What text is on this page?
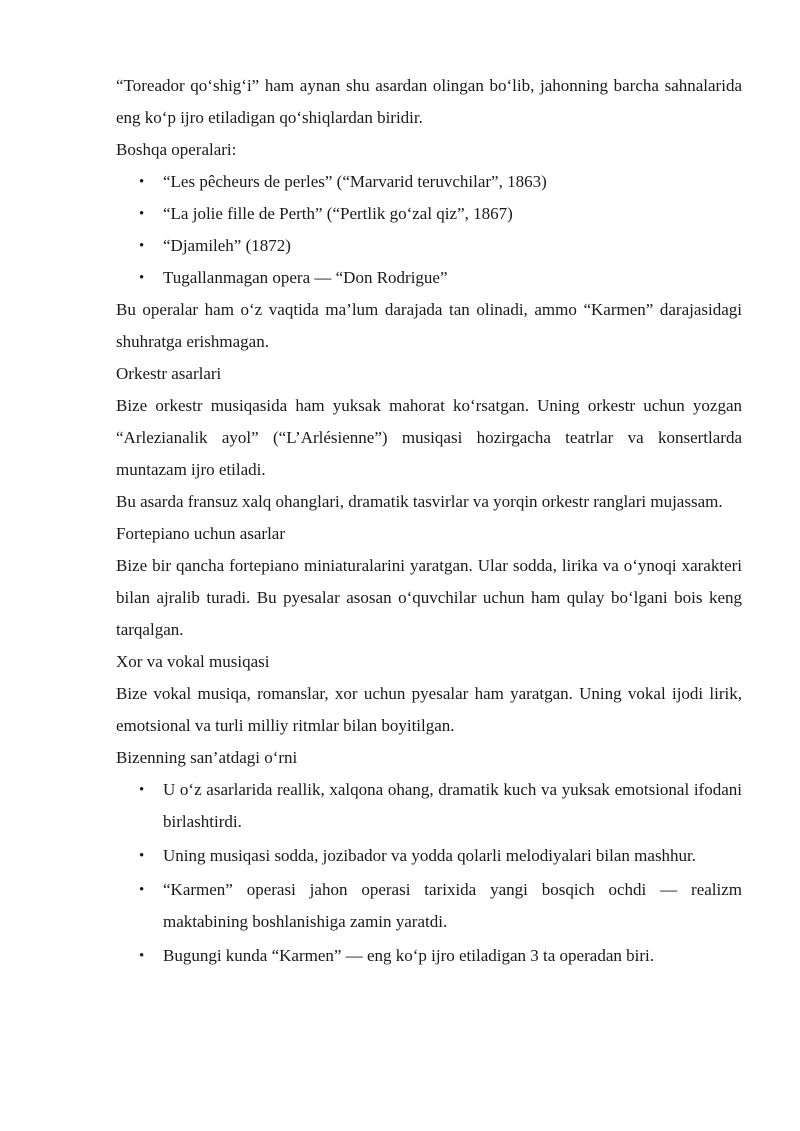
“Toreador qo‘shig‘i” ham aynan shu asardan olingan bo‘lib, jahonning barcha sahnalarida eng ko‘p ijro etiladigan qo‘shiqlardan biridir.

Boshqa operalari:
• “Les pêcheurs de perles” (“Marvarid teruvchilar”, 1863)
• “La jolie fille de Perth” (“Pertlik go‘zal qiz”, 1867)
• “Djamileh” (1872)
• Tugallanmagan opera — “Don Rodrigue”

Bu operalar ham o‘z vaqtida ma’lum darajada tan olinadi, ammo “Karmen” darajasidagi shuhratga erishmagan.

Orkestr asarlari

Bize orkestr musiqasida ham yuksak mahorat ko‘rsatgan. Uning orkestr uchun yozgan “Arlezianalik ayol” (“L’Arlésienne”) musiqasi hozirgacha teatrlar va konsertlarda muntazam ijro etiladi.

Bu asarda fransuz xalq ohanglari, dramatik tasvirlar va yorqin orkestr ranglari mujassam.

Fortepiano uchun asarlar

Bize bir qancha fortepiano miniaturalarini yaratgan. Ular sodda, lirika va o‘ynoqi xarakteri bilan ajralib turadi. Bu pyesalar asosan o‘quvchilar uchun ham qulay bo‘lgani bois keng tarqalgan.

Xor va vokal musiqasi

Bize vokal musiqa, romanslar, xor uchun pyesalar ham yaratgan. Uning vokal ijodi lirik, emotsional va turli milliy ritmlar bilan boyitilgan.

Bizenning san’atdagi o‘rni
• U o‘z asarlarida reallik, xalqona ohang, dramatik kuch va yuksak emotsional ifodani birlashtirdi.
• Uning musiqasi sodda, jozibador va yodda qolarli melodiyalari bilan mashhur.
• “Karmen” operasi jahon operasi tarixida yangi bosqich ochdi — realizm maktabining boshlanishiga zamin yaratdi.
• Bugungi kunda “Karmen” — eng ko‘p ijro etiladigan 3 ta operadan biri.
